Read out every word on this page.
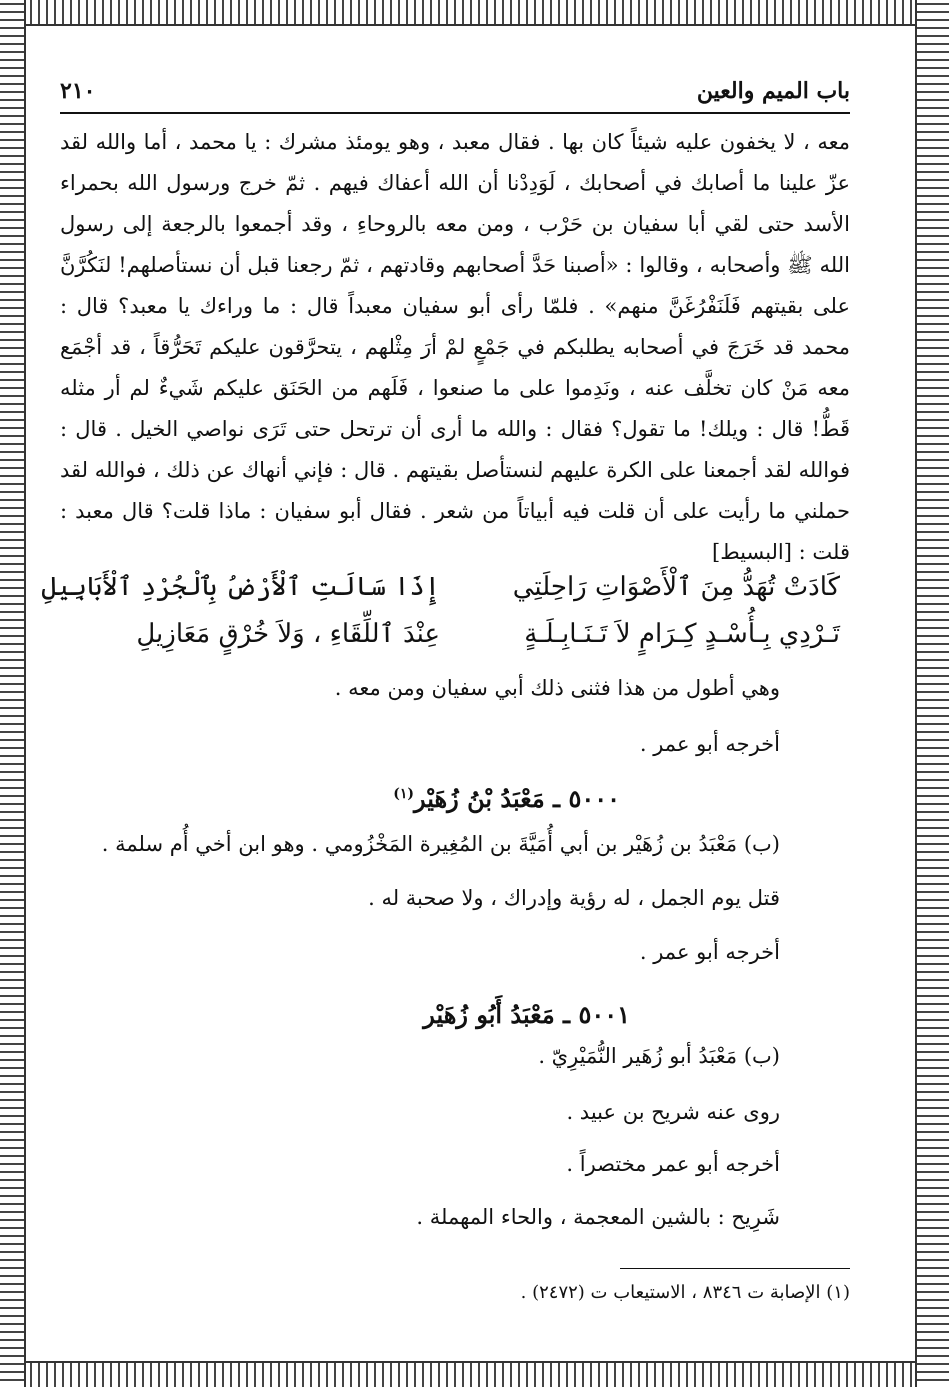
باب الميم والعين
٢١٠

معه ، لا يخفون عليه شيئاً كان بها . فقال معبد ، وهو يومئذ مشرك : يا محمد ، أما والله لقد عزّ علينا ما أصابك في أصحابك ، لَوَدِدْنا أن الله أعفاك فيهم . ثمّ خرج ورسول الله بحمراء الأسد حتى لقي أبا سفيان بن حَرْب ، ومن معه بالروحاءِ ، وقد أجمعوا بالرجعة إلى رسول الله ﷺ وأصحابه ، وقالوا : «أصبنا حَدَّ أصحابهم وقادتهم ، ثمّ رجعنا قبل أن نستأصلهم! لنَكُرَّنَّ على بقيتهم فَلَنَفْرُغَنَّ منهم» . فلمّا رأى أبو سفيان معبداً قال : ما وراءك يا معبد؟ قال : محمد قد خَرَجَ في أصحابه يطلبكم في جَمْعٍ لمْ أرَ مِثْلهم ، يتحرَّقون عليكم تَحَرُّقاً ، قد أجْمَع معه مَنْ كان تخلَّف عنه ، ونَدِموا على ما صنعوا ، فَلَهم من الحَنَق عليكم شَيءٌ لم أر مثله قَطُّ! قال : ويلك! ما تقول؟ فقال : والله ما أرى أن ترتحل حتى تَرَى نواصي الخيل . قال : فوالله لقد أجمعنا على الكرة عليهم لنستأصل بقيتهم . قال : فإني أنهاك عن ذلك ، فوالله لقد حملني ما رأيت على أن قلت فيه أبياتاً من شعر . فقال أبو سفيان : ماذا قلت؟ قال معبد : قلت : [البسيط]

كَادَتْ تُهَدُّ مِنَ ٱلْأَصْوَاتِ رَاحِلَتِي
إِذَا سَالَتِ ٱلْأَرْضُ بِٱلْجُرْدِ ٱلْأَبَابِيلِ
تَـرْدِي بِـأُسْـدٍ كِـرَامٍ لاَ تَـنَـابِـلَـةٍ
عِنْدَ ٱللِّقَاءِ ، وَلاَ خُرْقٍ مَعَازِيلِ
وهي أطول من هذا فثنى ذلك أبي سفيان ومن معه .
أخرجه أبو عمر .
٥٠٠٠ ـ مَعْبَدُ بْنُ زُهَيْر$^{(١)}$
(ب) مَعْبَدُ بن زُهَيْر بن أبي أُمَيَّةَ بن المُغِيرة المَخْزُومي . وهو ابن أخي أُم سلمة .
قتل يوم الجمل ، له رؤية وإدراك ، ولا صحبة له .
أخرجه أبو عمر .
٥٠٠١ ـ مَعْبَدُ أَبُو زُهَيْر
(ب) مَعْبَدُ أبو زُهَير النُّمَيْرِيّ .
روى عنه شريح بن عبيد .
أخرجه أبو عمر مختصراً .
شَرِيح : بالشين المعجمة ، والحاء المهملة .
(١) الإصابة ت ٨٣٤٦ ، الاستيعاب ت (٢٤٧٢) .
